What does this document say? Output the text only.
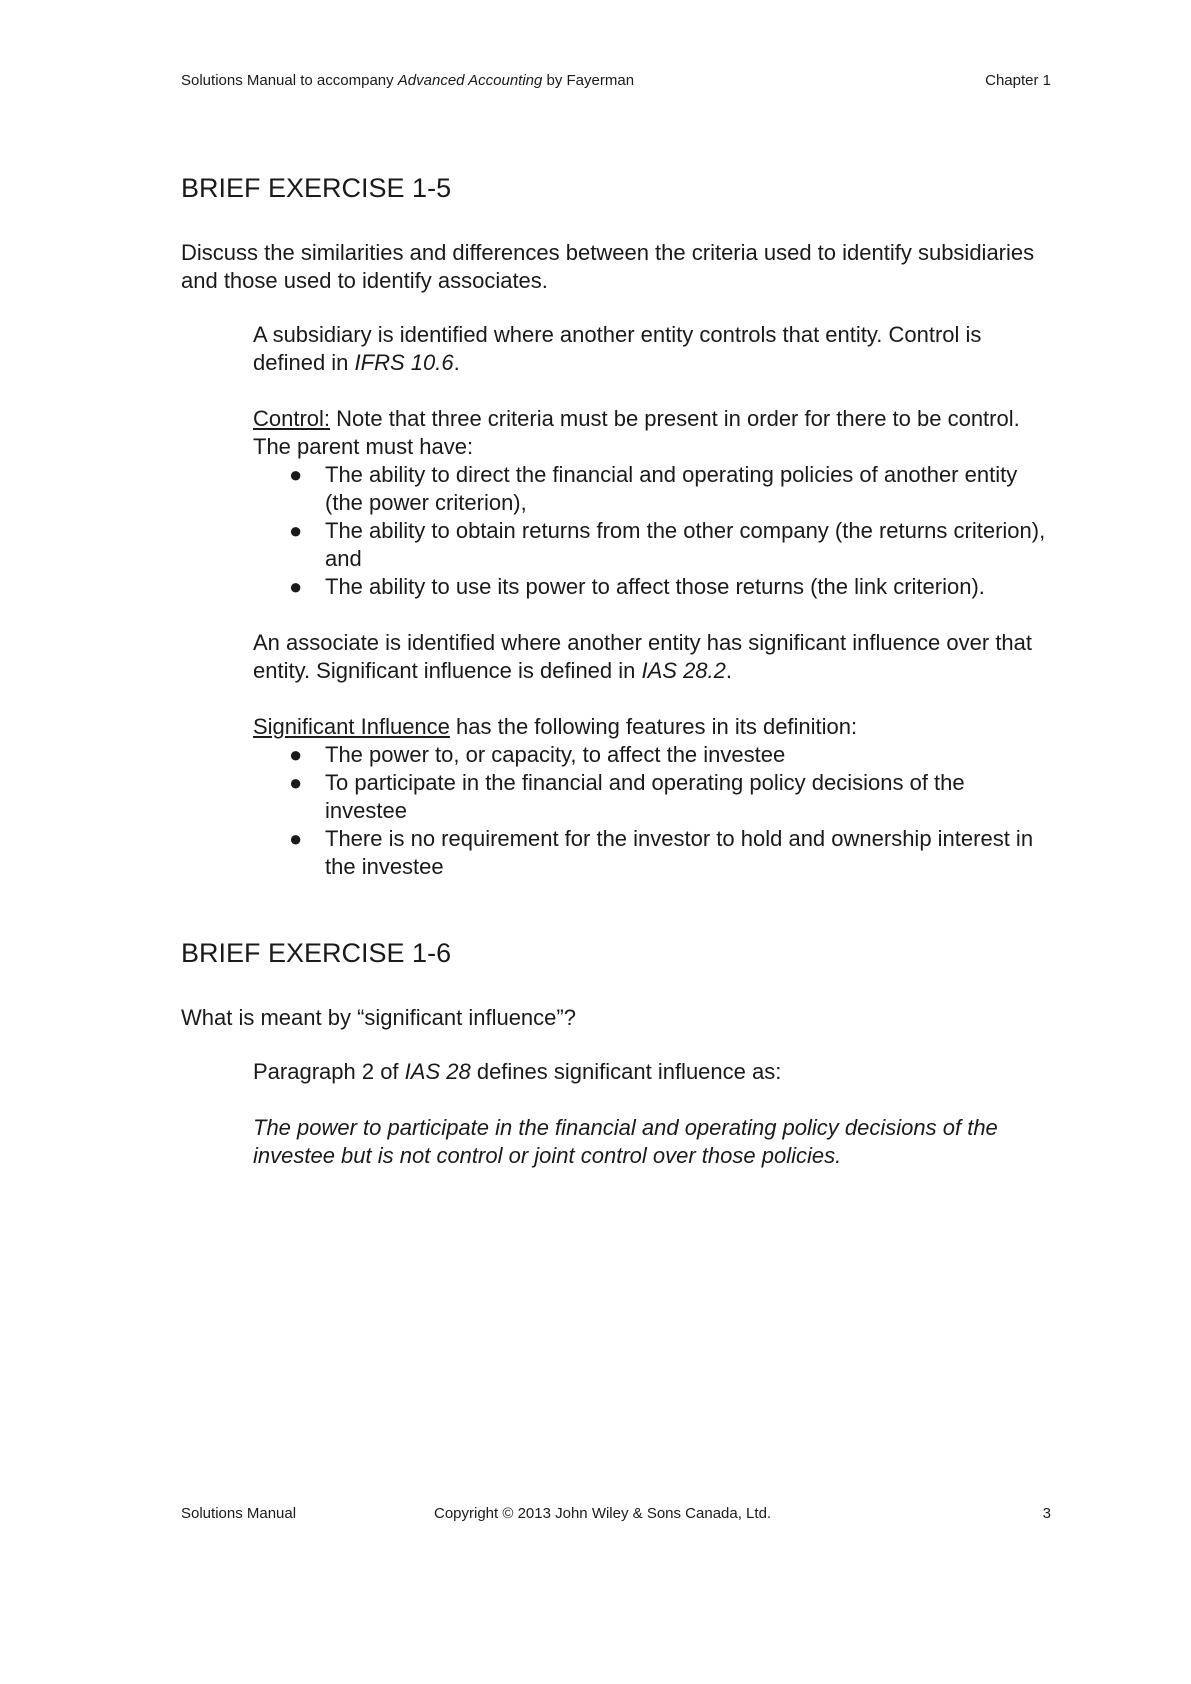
Solutions Manual to accompany Advanced Accounting by Fayerman	Chapter 1
BRIEF EXERCISE 1-5

Discuss the similarities and differences between the criteria used to identify subsidiaries and those used to identify associates.

A subsidiary is identified where another entity controls that entity. Control is defined in IFRS 10.6.

Control: Note that three criteria must be present in order for there to be control. The parent must have:

● The ability to direct the financial and operating policies of another entity (the power criterion),
● The ability to obtain returns from the other company (the returns criterion), and
● The ability to use its power to affect those returns (the link criterion).

An associate is identified where another entity has significant influence over that entity. Significant influence is defined in IAS 28.2.

Significant Influence has the following features in its definition:

● The power to, or capacity, to affect the investee
● To participate in the financial and operating policy decisions of the investee
● There is no requirement for the investor to hold and ownership interest in the investee
BRIEF EXERCISE 1-6

What is meant by “significant influence”?

Paragraph 2 of IAS 28 defines significant influence as:

The power to participate in the financial and operating policy decisions of the investee but is not control or joint control over those policies.

Solutions Manual	Copyright © 2013 John Wiley & Sons Canada, Ltd.	3
